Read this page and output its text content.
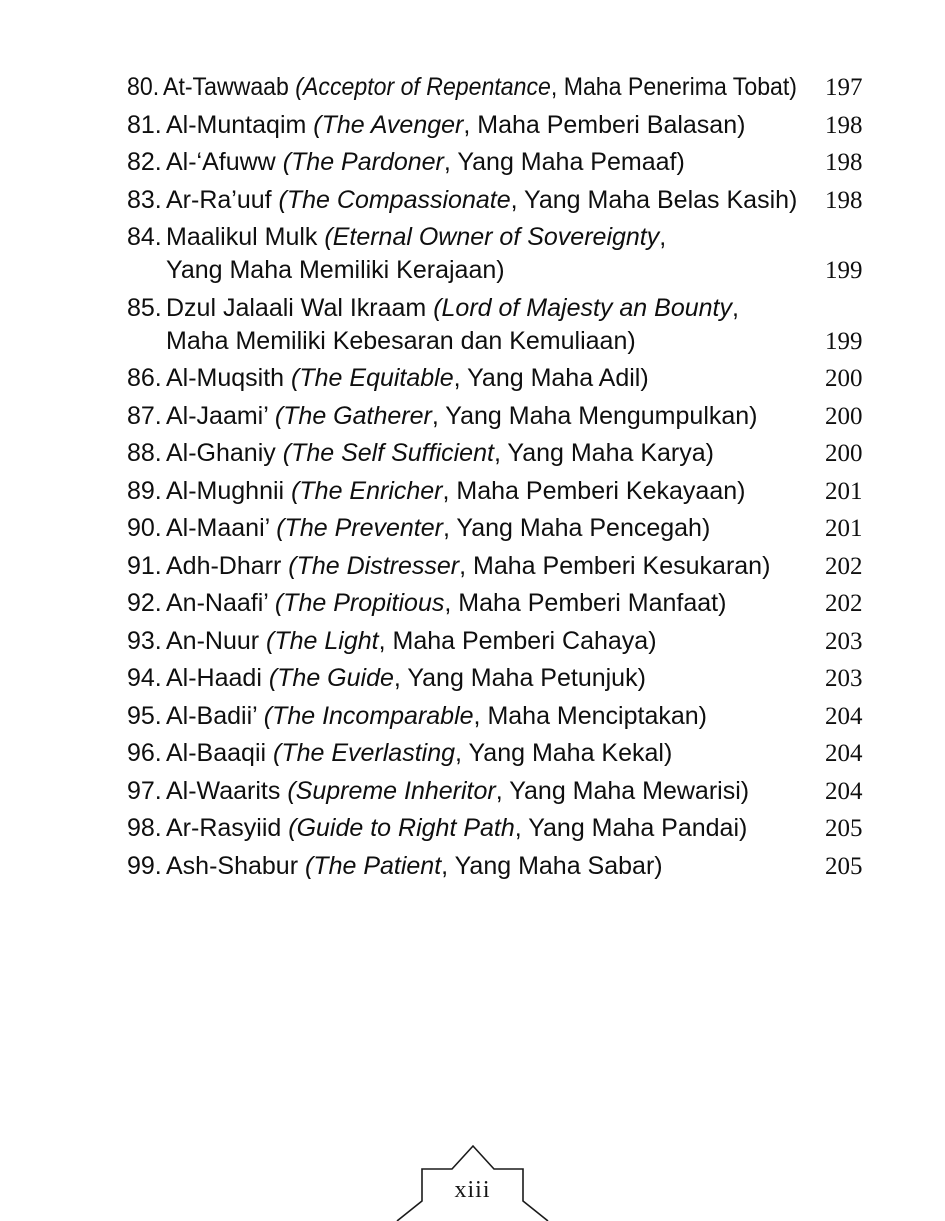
80. At-Tawwaab (Acceptor of Repentance, Maha Penerima Tobat) 197
81. Al-Muntaqim (The Avenger, Maha Pemberi Balasan)	198
82. Al-‘Afuww (The Pardoner, Yang Maha Pemaaf)	198
83. Ar-Ra’uuf (The Compassionate, Yang Maha Belas Kasih) 198
84. Maalikul Mulk (Eternal Owner of Sovereignty,
Yang Maha Memiliki Kerajaan)	199
85. Dzul Jalaali Wal Ikraam (Lord of Majesty an Bounty,
Maha Memiliki Kebesaran dan Kemuliaan)	199
86. Al-Muqsith (The Equitable, Yang Maha Adil)	200
87. Al-Jaami’ (The Gatherer, Yang Maha Mengumpulkan)	200
88. Al-Ghaniy (The Self Sufficient, Yang Maha Karya)	200
89. Al-Mughnii (The Enricher, Maha Pemberi Kekayaan)	201
90. Al-Maani’ (The Preventer, Yang Maha Pencegah)	201
91. Adh-Dharr (The Distresser, Maha Pemberi Kesukaran) 202
92. An-Naafi’ (The Propitious, Maha Pemberi Manfaat)	202
93. An-Nuur (The Light, Maha Pemberi Cahaya)	203
94. Al-Haadi (The Guide, Yang Maha Petunjuk)	203
95. Al-Badii’ (The Incomparable, Maha Menciptakan)	204
96. Al-Baaqii (The Everlasting, Yang Maha Kekal)	204
97. Al-Waarits (Supreme Inheritor, Yang Maha Mewarisi)	204
98. Ar-Rasyiid (Guide to Right Path, Yang Maha Pandai)	205
99. Ash-Shabur (The Patient, Yang Maha Sabar)	205
xiii
